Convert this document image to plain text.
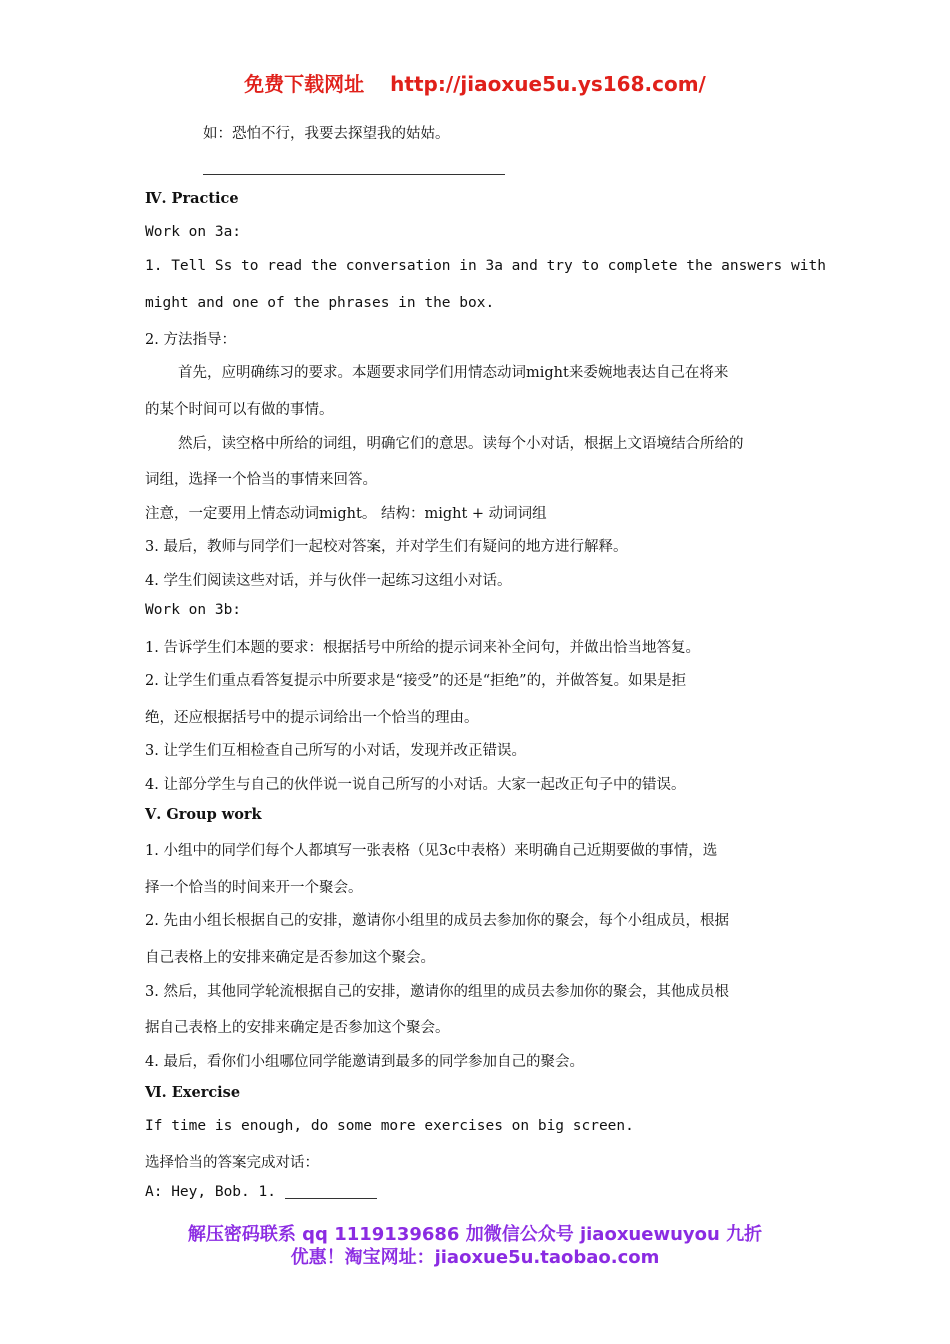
免费下载网址 http://jiaoxue5u.ys168.com/
如：恐怕不行，我要去探望我的姑姑。
Ⅳ. Practice
Work on 3a:
1. Tell Ss to read the conversation in 3a and try to complete the answers with
might and one of the phrases in the box.
2. 方法指导：
首先，应明确练习的要求。本题要求同学们用情态动词might来委婉地表达自己在将来
的某个时间可以有做的事情。
然后，读空格中所给的词组，明确它们的意思。读每个小对话，根据上文语境结合所给的
词组，选择一个恰当的事情来回答。
注意，一定要用上情态动词might。 结构：might + 动词词组
3. 最后，教师与同学们一起校对答案，并对学生们有疑问的地方进行解释。
4. 学生们阅读这些对话，并与伙伴一起练习这组小对话。
Work on 3b:
1. 告诉学生们本题的要求：根据括号中所给的提示词来补全问句，并做出恰当地答复。
2. 让学生们重点看答复提示中所要求是“接受”的还是“拒绝”的，并做答复。如果是拒
绝，还应根据括号中的提示词给出一个恰当的理由。
3. 让学生们互相检查自己所写的小对话，发现并改正错误。
4. 让部分学生与自己的伙伴说一说自己所写的小对话。大家一起改正句子中的错误。
Ⅴ. Group work
1. 小组中的同学们每个人都填写一张表格（见3c中表格）来明确自己近期要做的事情，选
择一个恰当的时间来开一个聚会。
2. 先由小组长根据自己的安排，邀请你小组里的成员去参加你的聚会，每个小组成员，根据
自己表格上的安排来确定是否参加这个聚会。
3. 然后，其他同学轮流根据自己的安排，邀请你的组里的成员去参加你的聚会，其他成员根
据自己表格上的安排来确定是否参加这个聚会。
4. 最后，看你们小组哪位同学能邀请到最多的同学参加自己的聚会。
Ⅵ. Exercise
If time is enough, do some more exercises on big screen.
选择恰当的答案完成对话：
A: Hey, Bob. 1.
解压密码联系 qq 1119139686 加微信公众号 jiaoxuewuyou 九折
优惠！淘宝网址：jiaoxue5u.taobao.com
